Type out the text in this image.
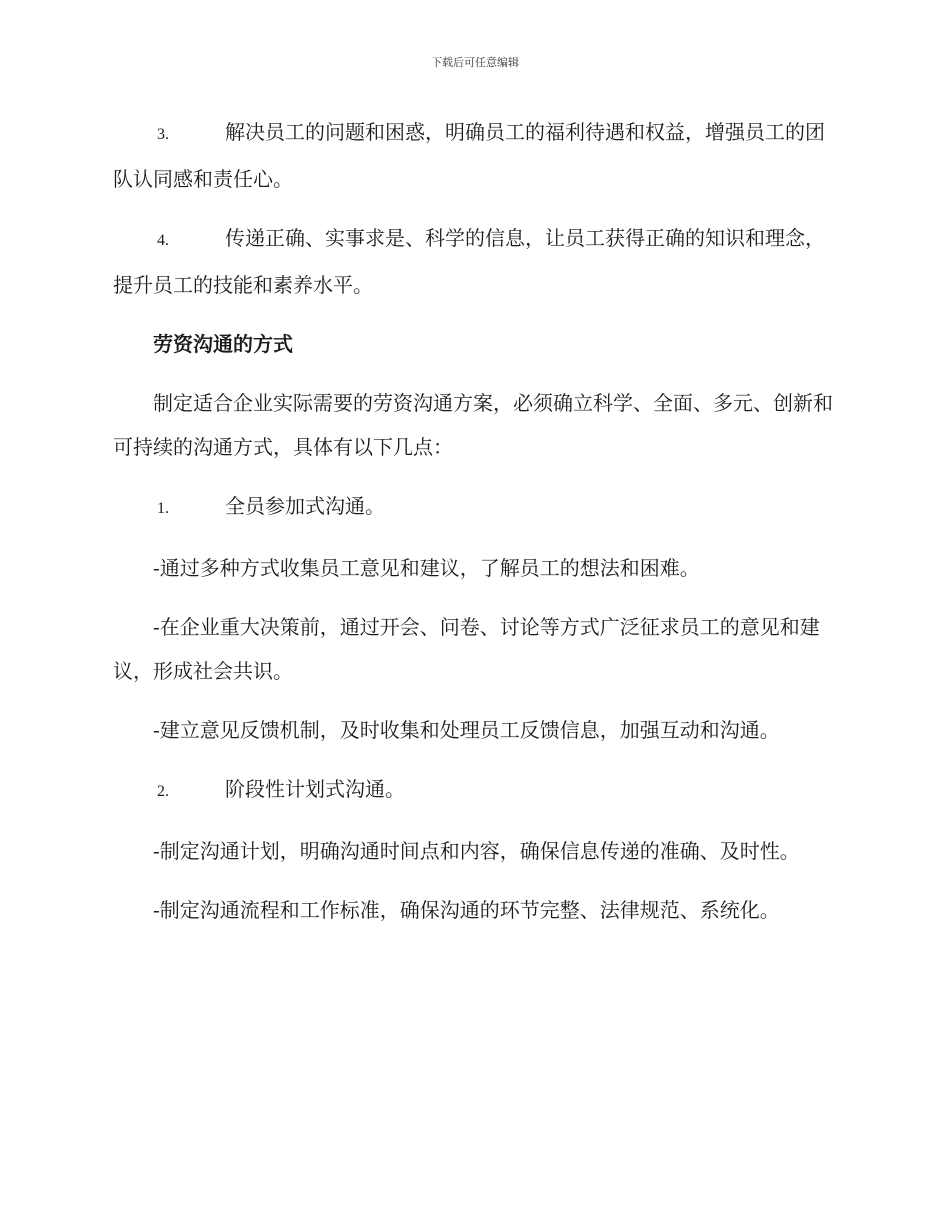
下载后可任意编辑

3.	解决员工的问题和困惑，明确员工的福利待遇和权益，增强员工的团队认同感和责任心。

4.	传递正确、实事求是、科学的信息，让员工获得正确的知识和理念，提升员工的技能和素养水平。

劳资沟通的方式

制定适合企业实际需要的劳资沟通方案，必须确立科学、全面、多元、创新和可持续的沟通方式，具体有以下几点：

1.	全员参加式沟通。

-通过多种方式收集员工意见和建议，了解员工的想法和困难。

-在企业重大决策前，通过开会、问卷、讨论等方式广泛征求员工的意见和建议，形成社会共识。

-建立意见反馈机制，及时收集和处理员工反馈信息，加强互动和沟通。

2.	阶段性计划式沟通。

-制定沟通计划，明确沟通时间点和内容，确保信息传递的准确、及时性。

-制定沟通流程和工作标准，确保沟通的环节完整、法律规范、系统化。
